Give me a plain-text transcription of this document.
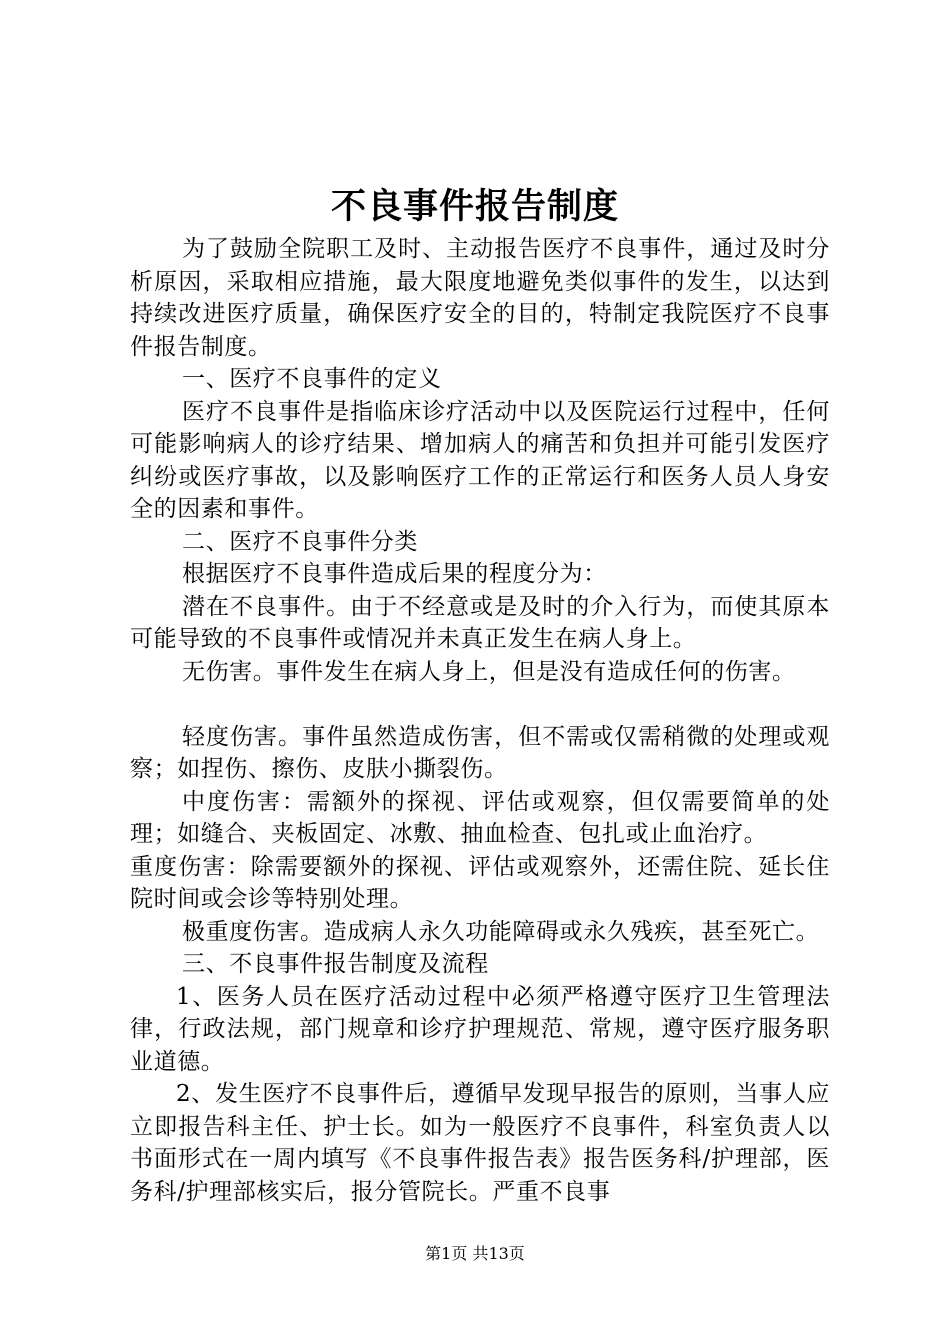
不良事件报告制度

为了鼓励全院职工及时、主动报告医疗不良事件，通过及时分析原因，采取相应措施，最大限度地避免类似事件的发生，以达到持续改进医疗质量，确保医疗安全的目的，特制定我院医疗不良事件报告制度。

一、医疗不良事件的定义

医疗不良事件是指临床诊疗活动中以及医院运行过程中，任何可能影响病人的诊疗结果、增加病人的痛苦和负担并可能引发医疗纠纷或医疗事故，以及影响医疗工作的正常运行和医务人员人身安全的因素和事件。

二、医疗不良事件分类

根据医疗不良事件造成后果的程度分为：

潜在不良事件。由于不经意或是及时的介入行为，而使其原本可能导致的不良事件或情况并未真正发生在病人身上。

无伤害。事件发生在病人身上，但是没有造成任何的伤害。

轻度伤害。事件虽然造成伤害，但不需或仅需稍微的处理或观察；如捏伤、擦伤、皮肤小撕裂伤。

中度伤害：需额外的探视、评估或观察，但仅需要简单的处理；如缝合、夹板固定、冰敷、抽血检查、包扎或止血治疗。

重度伤害：除需要额外的探视、评估或观察外，还需住院、延长住院时间或会诊等特别处理。

极重度伤害。造成病人永久功能障碍或永久残疾，甚至死亡。

三、不良事件报告制度及流程

1、医务人员在医疗活动过程中必须严格遵守医疗卫生管理法律，行政法规，部门规章和诊疗护理规范、常规，遵守医疗服务职业道德。

2、发生医疗不良事件后，遵循早发现早报告的原则，当事人应立即报告科主任、护士长。如为一般医疗不良事件，科室负责人以书面形式在一周内填写《不良事件报告表》报告医务科/护理部，医务科/护理部核实后，报分管院长。严重不良事

第1页 共13页
